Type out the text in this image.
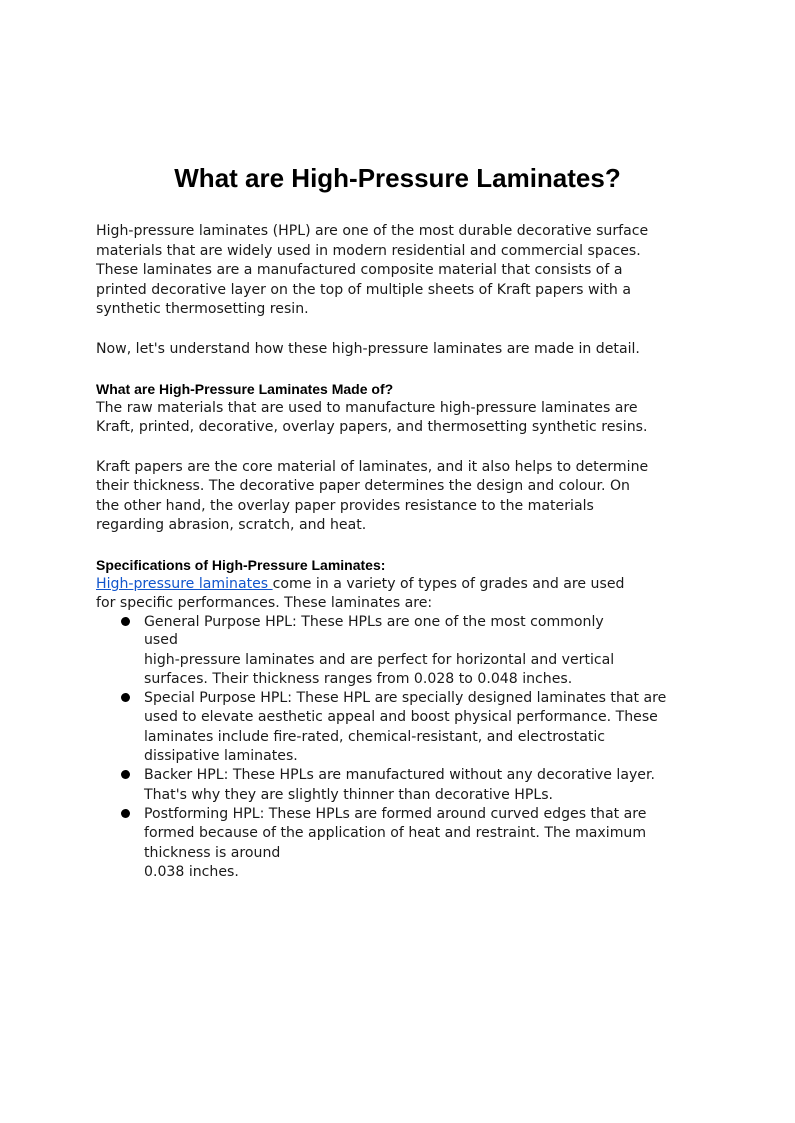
What are High-Pressure Laminates?

High-pressure laminates (HPL) are one of the most durable decorative surface

materials that are widely used in modern residential and commercial spaces.

These laminates are a manufactured composite material that consists of a

printed decorative layer on the top of multiple sheets of Kraft papers with a

synthetic thermosetting resin.

Now, let's understand how these high-pressure laminates are made in detail.

What are High-Pressure Laminates Made of?

The raw materials that are used to manufacture high-pressure laminates are

Kraft, printed, decorative, overlay papers, and thermosetting synthetic resins.

Kraft papers are the core material of laminates, and it also helps to determine

their thickness. The decorative paper determines the design and colour. On

the other hand, the overlay paper provides resistance to the materials

regarding abrasion, scratch, and heat.

Specifications of High-Pressure Laminates:

High-pressure laminates come in a variety of types of grades and are used

for specific performances. These laminates are:

General Purpose HPL: These HPLs are one of the most commonly

used

high-pressure laminates and are perfect for horizontal and vertical

surfaces. Their thickness ranges from 0.028 to 0.048 inches.

Special Purpose HPL: These HPL are specially designed laminates that are

used to elevate aesthetic appeal and boost physical performance. These

laminates include fire-rated, chemical-resistant, and electrostatic

dissipative laminates.

Backer HPL: These HPLs are manufactured without any decorative layer.

That's why they are slightly thinner than decorative HPLs.

Postforming HPL: These HPLs are formed around curved edges that are

formed because of the application of heat and restraint. The maximum

thickness is around

0.038 inches.
